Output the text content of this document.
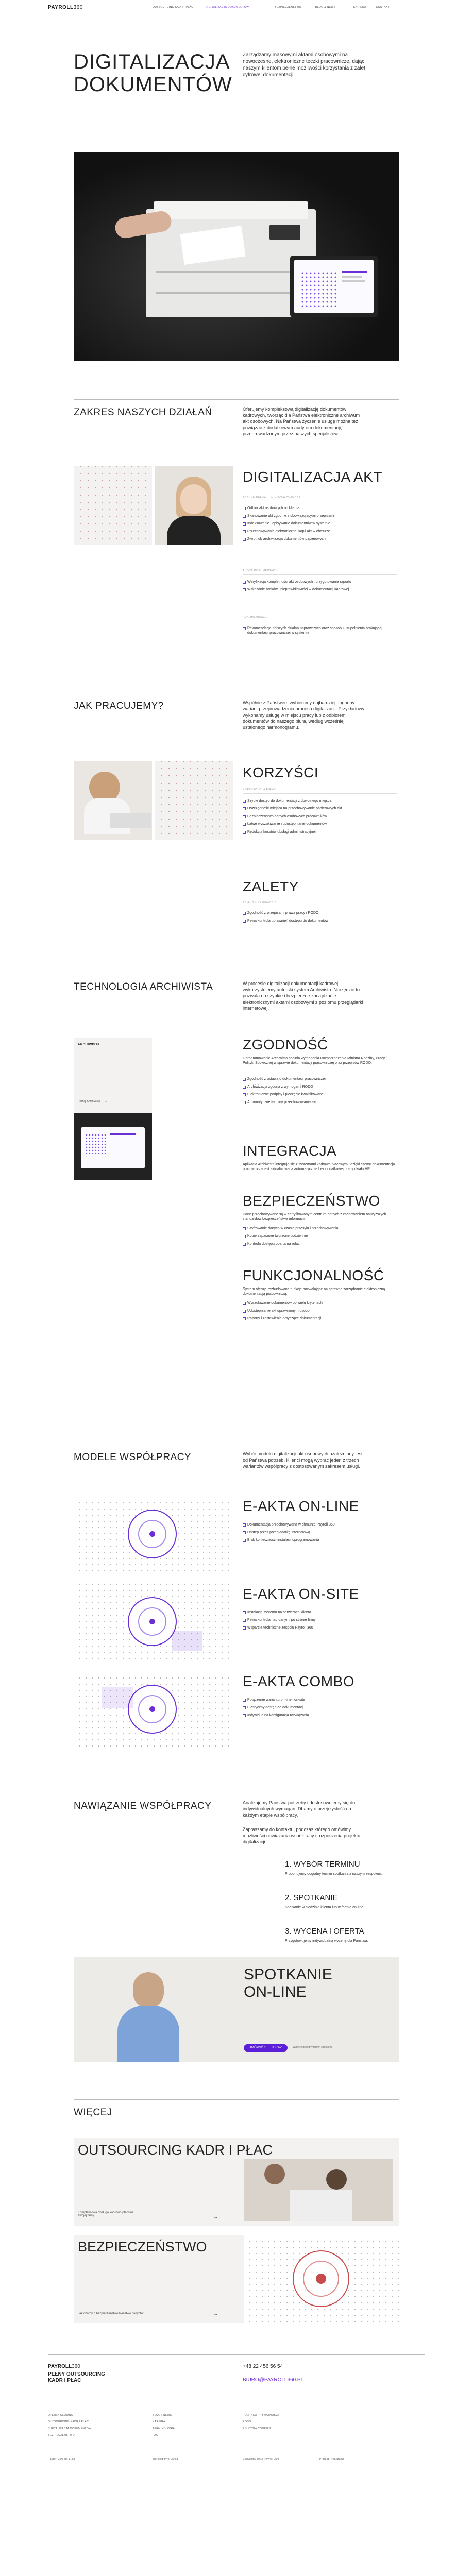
PAYROLL360	OUTSOURCING KADR I PŁAC	DIGITALIZACJA DOKUMENTÓW	BEZPIECZEŃSTWO	BLOG & NEWS	KARIERA	KONTAKT
DIGITALIZACJA
DOKUMENTÓW
Zarządzamy masowymi aktami osobowymi na nowoczesne, elektroniczne teczki pracownicze, dając naszym klientom pełne możliwości korzystania z zalet cyfrowej dokumentacji.
ZAKRES NASZYCH DZIAŁAŃ	Oferujemy kompleksową digitalizację dokumentów kadrowych, tworząc dla Państwa elektroniczne archiwum akt osobowych. Na Państwa życzenie usługę można też powiązać z dodatkowym audytem dokumentacji, przeprowadzonym przez naszych specjalistów.
DIGITALIZACJA AKT
ZAKRES USŁUG — DIGITALIZACJA AKT
Odbiór akt osobowych od klienta
Skanowanie akt zgodnie z obowiązującymi przepisami
Indeksowanie i opisywanie dokumentów w systemie
Przechowywanie elektronicznej kopii akt w chmurze
Zwrot lub archiwizacja dokumentów papierowych
AUDYT DOKUMENTACJI
Weryfikacja kompletności akt osobowych i przygotowanie raportu
Wskazanie braków i nieprawidłowości w dokumentacji kadrowej
REKOMENDACJE
Rekomendacje dalszych działań naprawczych oraz sposobu uzupełnienia brakującej dokumentacji pracowniczej w systemie
JAK PRACUJEMY?	Współnie z Państwem wybieramy najbardziej dogodny wariant przeprowadzenia procesu digitalizacji. Przykładowy wykonamy usługę w miejscu pracy lub z odbiorem dokumentów do naszego biura, według wcześniej ustalonego harmonogramu.
KORZYŚCI
KORZYŚCI DLA FIRMY
Szybki dostęp do dokumentacji z dowolnego miejsca
Oszczędność miejsca na przechowywanie papierowych akt
Bezpieczeństwo danych osobowych pracowników
Łatwe wyszukiwanie i udostępnianie dokumentów
Redukcja kosztów obsługi administracyjnej
ZALETY
ZALETY ROZWIĄZANIA
Zgodność z przepisami prawa pracy i RODO
Pełna kontrola uprawnień dostępu do dokumentów
TECHNOLOGIA ARCHIWISTA	W procesie digitalizacji dokumentacji kadrowej wykorzystujemy autorski system Archiwista. Narzędzie to pozwala na szybkie i bezpieczne zarządzanie elektronicznymi aktami osobowymi z poziomu przeglądarki internetowej.
ARCHIWISTA
Poznaj z Archiwista →
ZGODNOŚĆ
Oprogramowanie Archiwista spełnia wymagania Rozporządzenia Ministra Rodziny, Pracy i Polityki Społecznej w sprawie dokumentacji pracowniczej oraz przepisów RODO.
Zgodność z ustawą o dokumentacji pracowniczej
Archiwizacja zgodna z wymogami RODO
Elektroniczne podpisy i pieczęcie kwalifikowane
Automatyczne terminy przechowywania akt
INTEGRACJA
Aplikacja Archiwista integruje się z systemami kadrowo-płacowymi, dzięki czemu dokumentacja pracownicza jest aktualizowana automatycznie bez dodatkowej pracy działu HR.
BEZPIECZEŃSTWO
Dane przechowywane są w certyfikowanym centrum danych z zachowaniem najwyższych standardów bezpieczeństwa informacji.
Szyfrowanie danych w czasie przesyłu i przechowywania
Kopie zapasowe tworzone codziennie
Kontrola dostępu oparta na rolach
FUNKCJONALNOŚĆ
System oferuje rozbudowane funkcje pozwalające na sprawne zarządzanie elektroniczną dokumentacją pracowniczą.
Wyszukiwanie dokumentów po wielu kryteriach
Udostępnianie akt uprawnionym osobom
Raporty i zestawienia dotyczące dokumentacji
MODELE WSPÓŁPRACY	Wybór modelu digitalizacji akt osobowych uzależniony jest od Państwa potrzeb. Klienci mogą wybrać jeden z trzech wariantów współpracy z dostosowanym zakresem usługi.
E-AKTA ON-LINE
Dokumentacja przechowywana w chmurze Payroll 360
Dostęp przez przeglądarkę internetową
Brak konieczności instalacji oprogramowania
E-AKTA ON-SITE
Instalacja systemu na serwerach klienta
Pełna kontrola nad danymi po stronie firmy
Wsparcie techniczne zespołu Payroll 360
E-AKTA COMBO
Połączenie wariantu on-line i on-site
Elastyczny dostęp do dokumentacji
Indywidualna konfiguracja rozwiązania
NAWIĄZANIE WSPÓŁPRACY	Analizujemy Państwa potrzeby i dostosowujemy się do indywidualnych wymagań. Dbamy o przejrzystość na każdym etapie współpracy.
Zapraszamy do kontaktu, podczas którego omówimy możliwości nawiązania współpracy i rozpoczęcia projektu digitalizacji.
1. WYBÓR TERMINU
Proponujemy dogodny termin spotkania z naszym zespołem.
2. SPOTKANIE
Spotkanie w siedzibie klienta lub w formie on-line.
3. WYCENA I OFERTA
Przygotowujemy indywidualną wycenę dla Państwa.
SPOTKANIE
ON-LINE
UMÓWIĆ SIĘ TERAZ	Wybierz dogodny termin spotkania
WIĘCEJ
OUTSOURCING KADR I PŁAC
Kompleksowa obsługa kadrowo-płacowa Twojej firmy	→
BEZPIECZEŃSTWO
Jak dbamy o bezpieczeństwo Państwa danych?	→
PAYROLL360
PEŁNY OUTSOURCING
KADR I PŁAC
+48 22 456 56 54
BIURO@PAYROLL360.PL
OFERTA GŁÓWNA
OUTSOURCING KADR I PŁAC
DIGITALIZACJA DOKUMENTÓW
BEZPIECZEŃSTWO
BLOG I NEWS
KARIERA
TERMINOLOGIA
FAQ
POLITYKA PRYWATNOŚCI
RODO
POLITYKA COOKIES
Payroll 360 sp. z o.o.	biuro@payroll360.pl	Copyright 2022 Payroll 360	Projekt i realizacja
